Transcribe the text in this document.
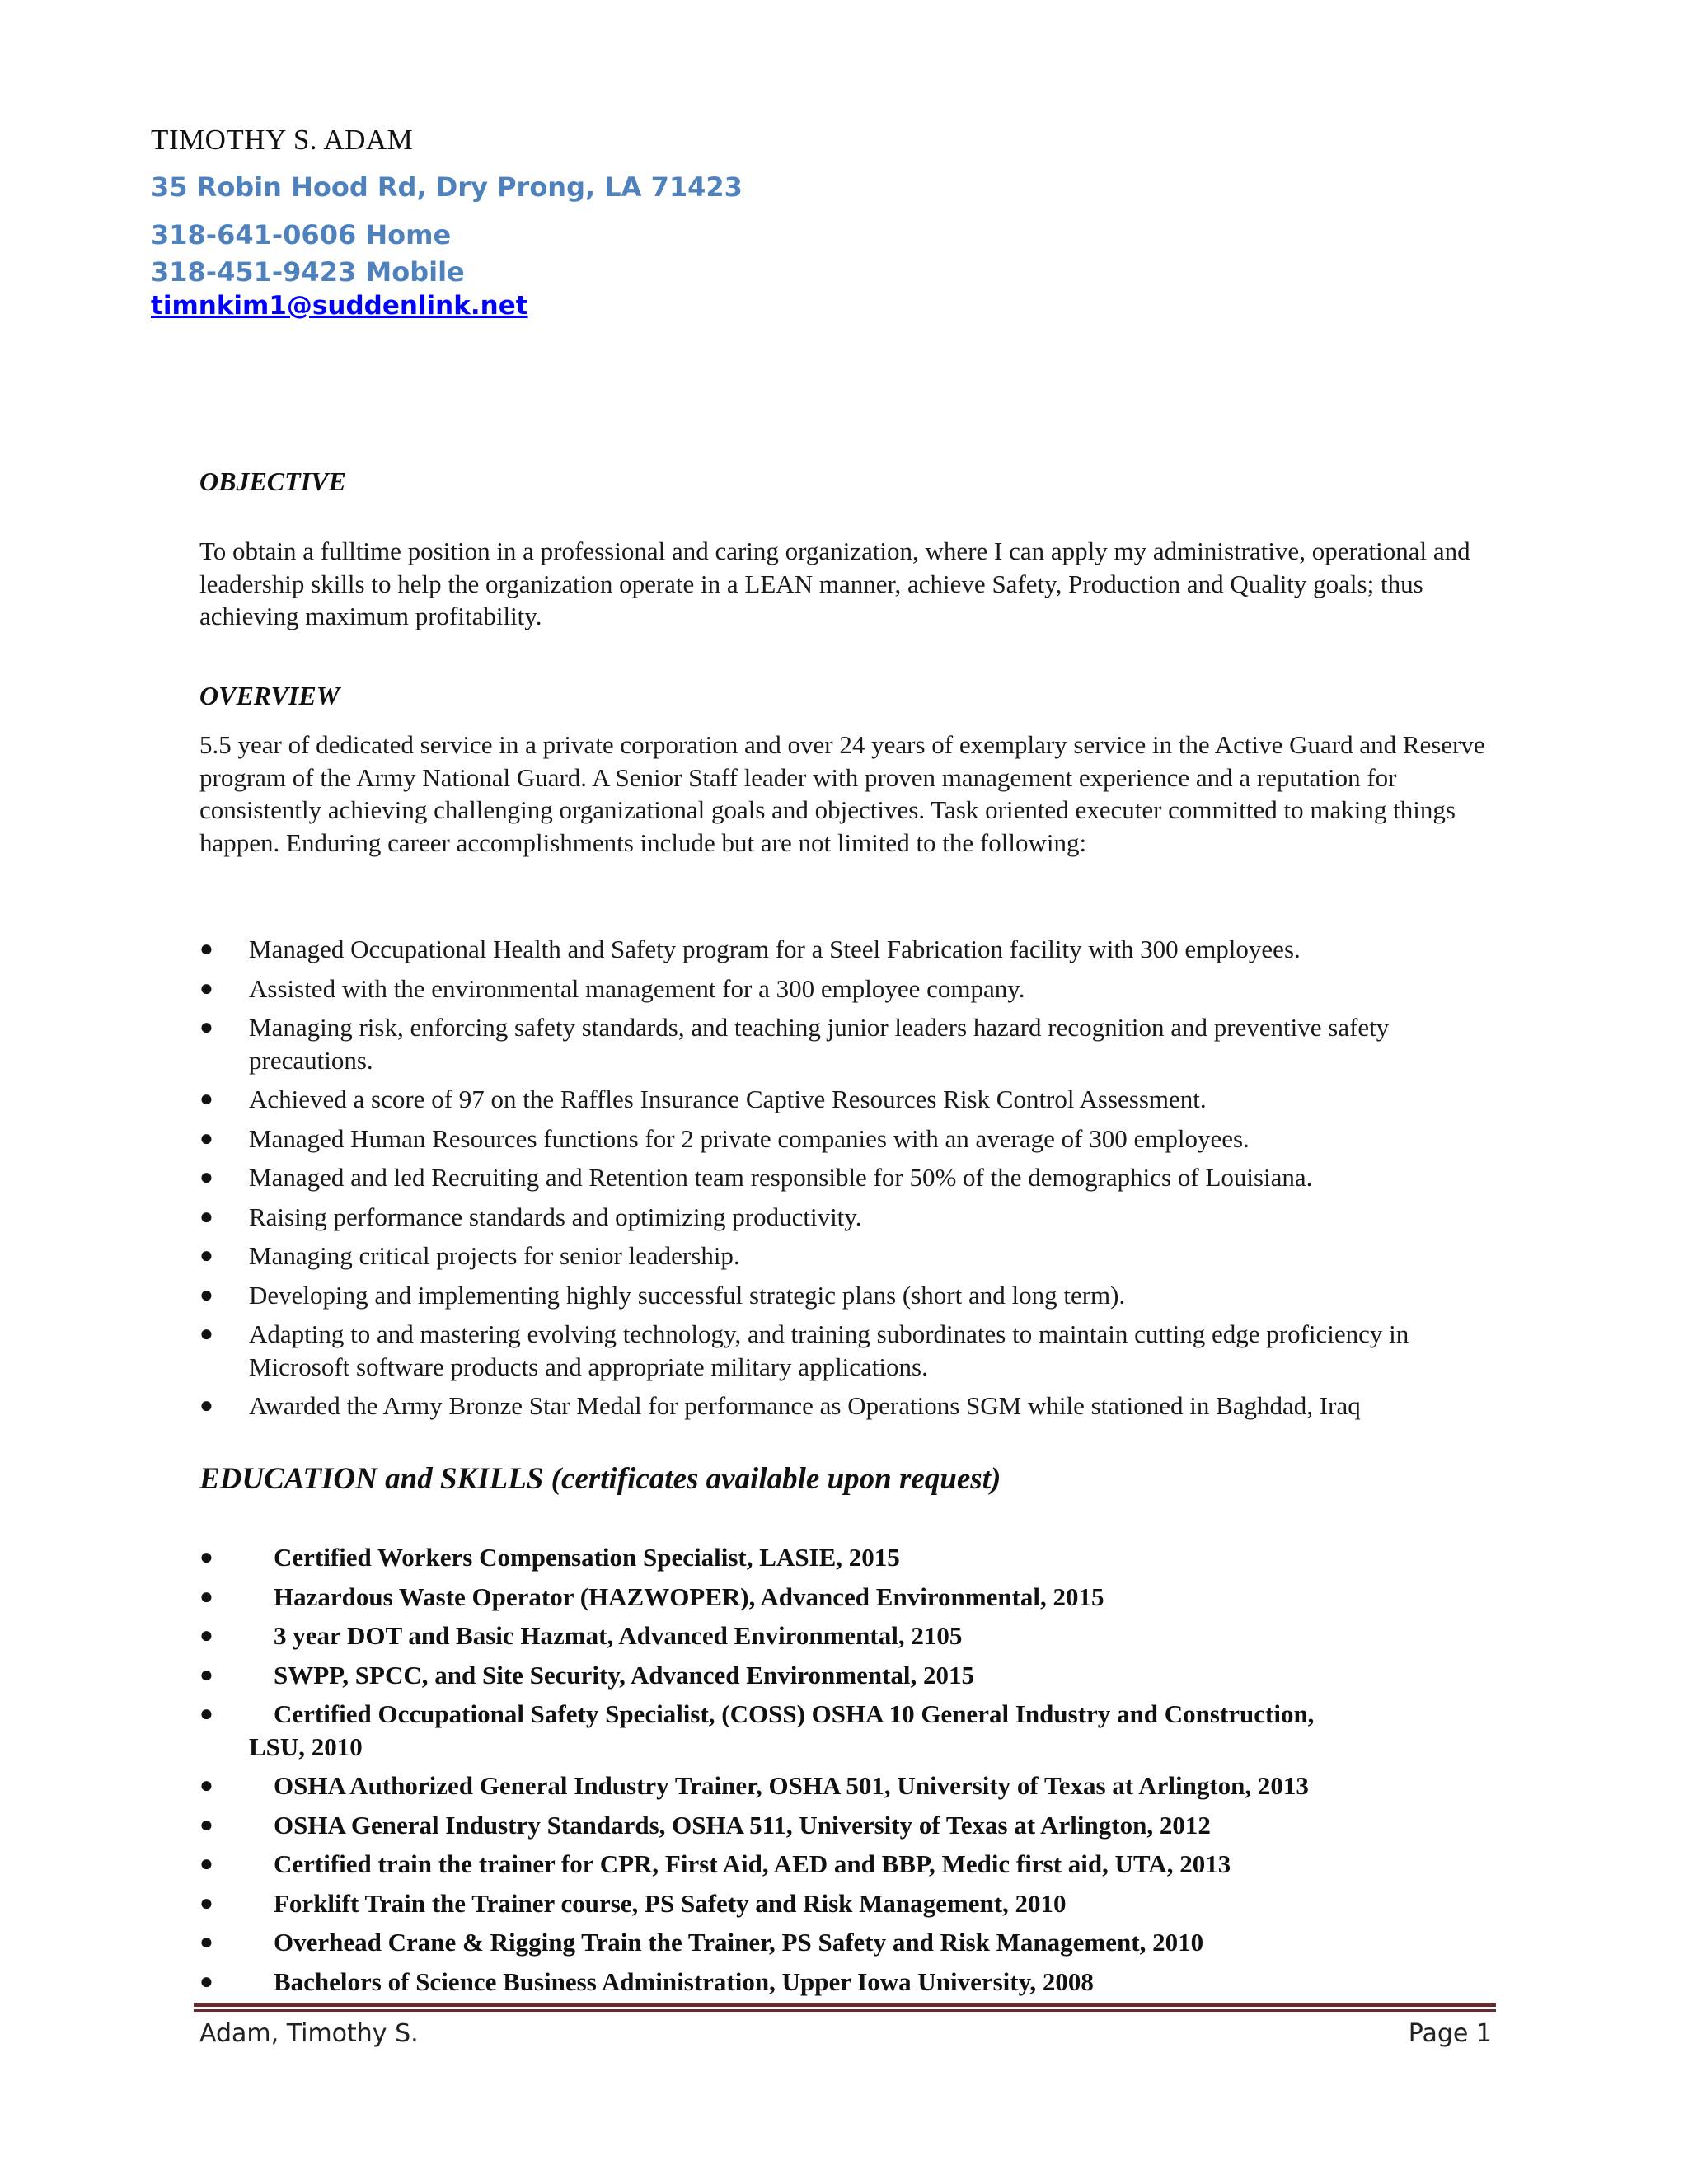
TIMOTHY S. ADAM
35 Robin Hood Rd, Dry Prong, LA 71423
318-641-0606 Home
318-451-9423 Mobile
timnkim1@suddenlink.net
OBJECTIVE
To obtain a fulltime position in a professional and caring organization, where I can apply my administrative, operational and leadership skills to help the organization operate in a LEAN manner, achieve Safety, Production and Quality goals; thus achieving maximum profitability.
OVERVIEW
5.5 year of dedicated service in a private corporation and over 24 years of exemplary service in the Active Guard and Reserve program of the Army National Guard. A Senior Staff leader with proven management experience and a reputation for consistently achieving challenging organizational goals and objectives. Task oriented executer committed to making things happen. Enduring career accomplishments include but are not limited to the following:
● Managed Occupational Health and Safety program for a Steel Fabrication facility with 300 employees.
● Assisted with the environmental management for a 300 employee company.
● Managing risk, enforcing safety standards, and teaching junior leaders hazard recognition and preventive safety precautions.
● Achieved a score of 97 on the Raffles Insurance Captive Resources Risk Control Assessment.
● Managed Human Resources functions for 2 private companies with an average of 300 employees.
● Managed and led Recruiting and Retention team responsible for 50% of the demographics of Louisiana.
● Raising performance standards and optimizing productivity.
● Managing critical projects for senior leadership.
● Developing and implementing highly successful strategic plans (short and long term).
● Adapting to and mastering evolving technology, and training subordinates to maintain cutting edge proficiency in Microsoft software products and appropriate military applications.
● Awarded the Army Bronze Star Medal for performance as Operations SGM while stationed in Baghdad, Iraq
EDUCATION and SKILLS (certificates available upon request)
● Certified Workers Compensation Specialist, LASIE, 2015
● Hazardous Waste Operator (HAZWOPER), Advanced Environmental, 2015
● 3 year DOT and Basic Hazmat, Advanced Environmental, 2105
● SWPP, SPCC, and Site Security, Advanced Environmental, 2015
●	Certified Occupational Safety Specialist, (COSS) OSHA 10 General Industry and Construction,
LSU, 2010
● OSHA Authorized General Industry Trainer, OSHA 501, University of Texas at Arlington, 2013
● OSHA General Industry Standards, OSHA 511, University of Texas at Arlington, 2012
● Certified train the trainer for CPR, First Aid, AED and BBP, Medic first aid, UTA, 2013
● Forklift Train the Trainer course, PS Safety and Risk Management, 2010
● Overhead Crane & Rigging Train the Trainer, PS Safety and Risk Management, 2010
● Bachelors of Science Business Administration, Upper Iowa University, 2008
Adam, Timothy S.	Page 1
